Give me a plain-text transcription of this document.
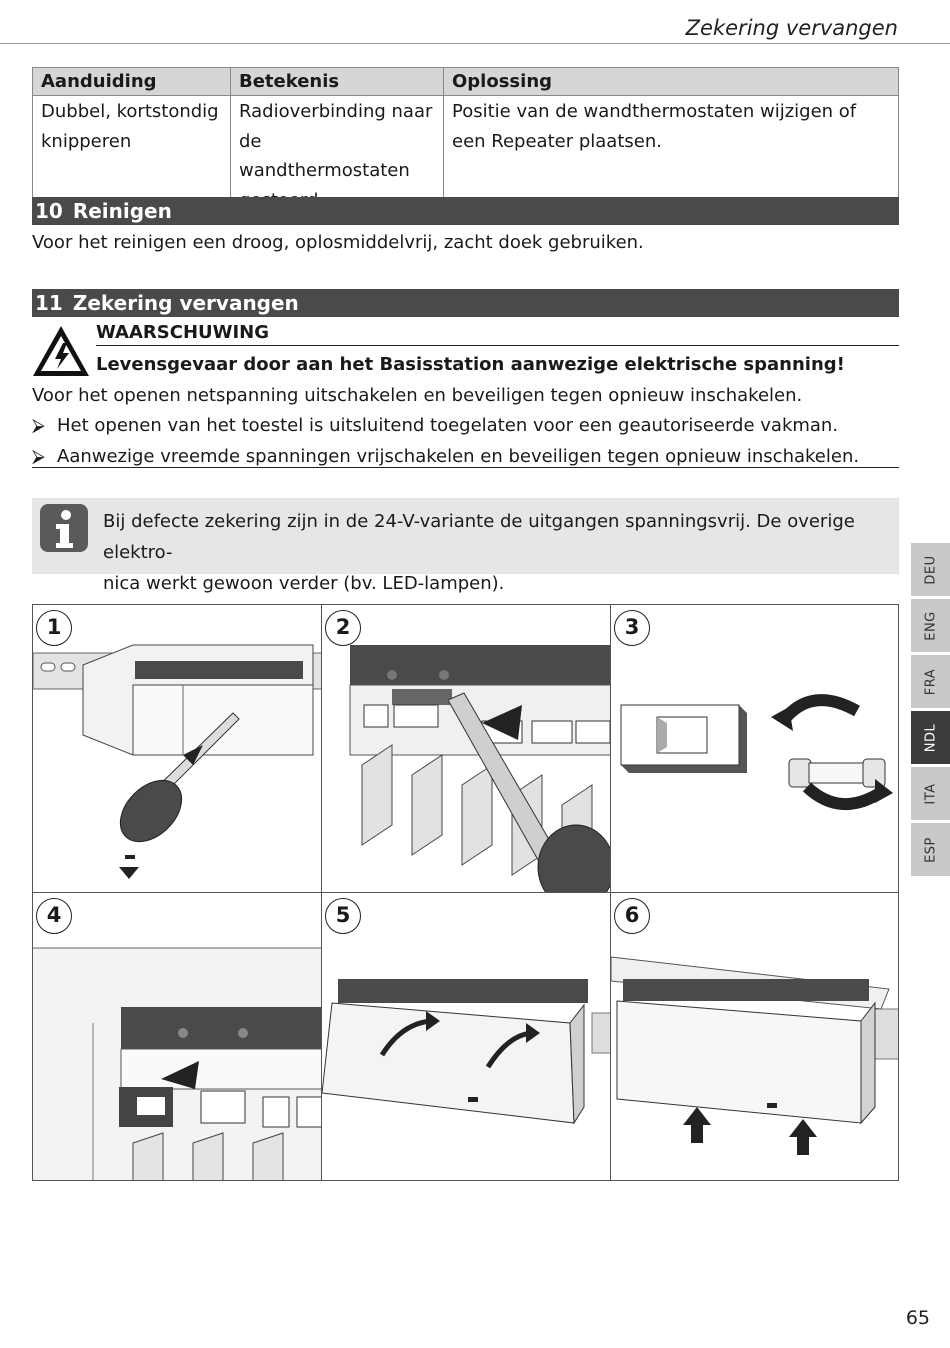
Zekering vervangen
Aanduiding	Betekenis	Oplossing
Dubbel, kortstondig knipperen	Radioverbinding naar de wandthermostaten	Positie van de wandthermostaten wijzigen of een Repeater plaatsen.
10 Reinigen
Voor het reinigen een droog, oplosmiddelvrij, zacht doek gebruiken.
11 Zekering vervangen
WAARSCHUWING
Levensgevaar door aan het Basisstation aanwezige elektrische spanning!
Voor het openen netspanning uitschakelen en beveiligen tegen opnieuw inschakelen.
⮚ Het openen van het toestel is uitsluitend toegelaten voor een geautoriseerde vakman.
⮚ Aanwezige vreemde spanningen vrijschakelen en beveiligen tegen opnieuw inschakelen.
Bij defecte zekering zijn in de 24-V-variante de uitgangen spanningsvrij. De overige elektro-
nica werkt gewoon verder (bv. LED-lampen).
1	2	3
4	5	6
DEU
ENG
FRA
NDL
ITA
ESP
65
